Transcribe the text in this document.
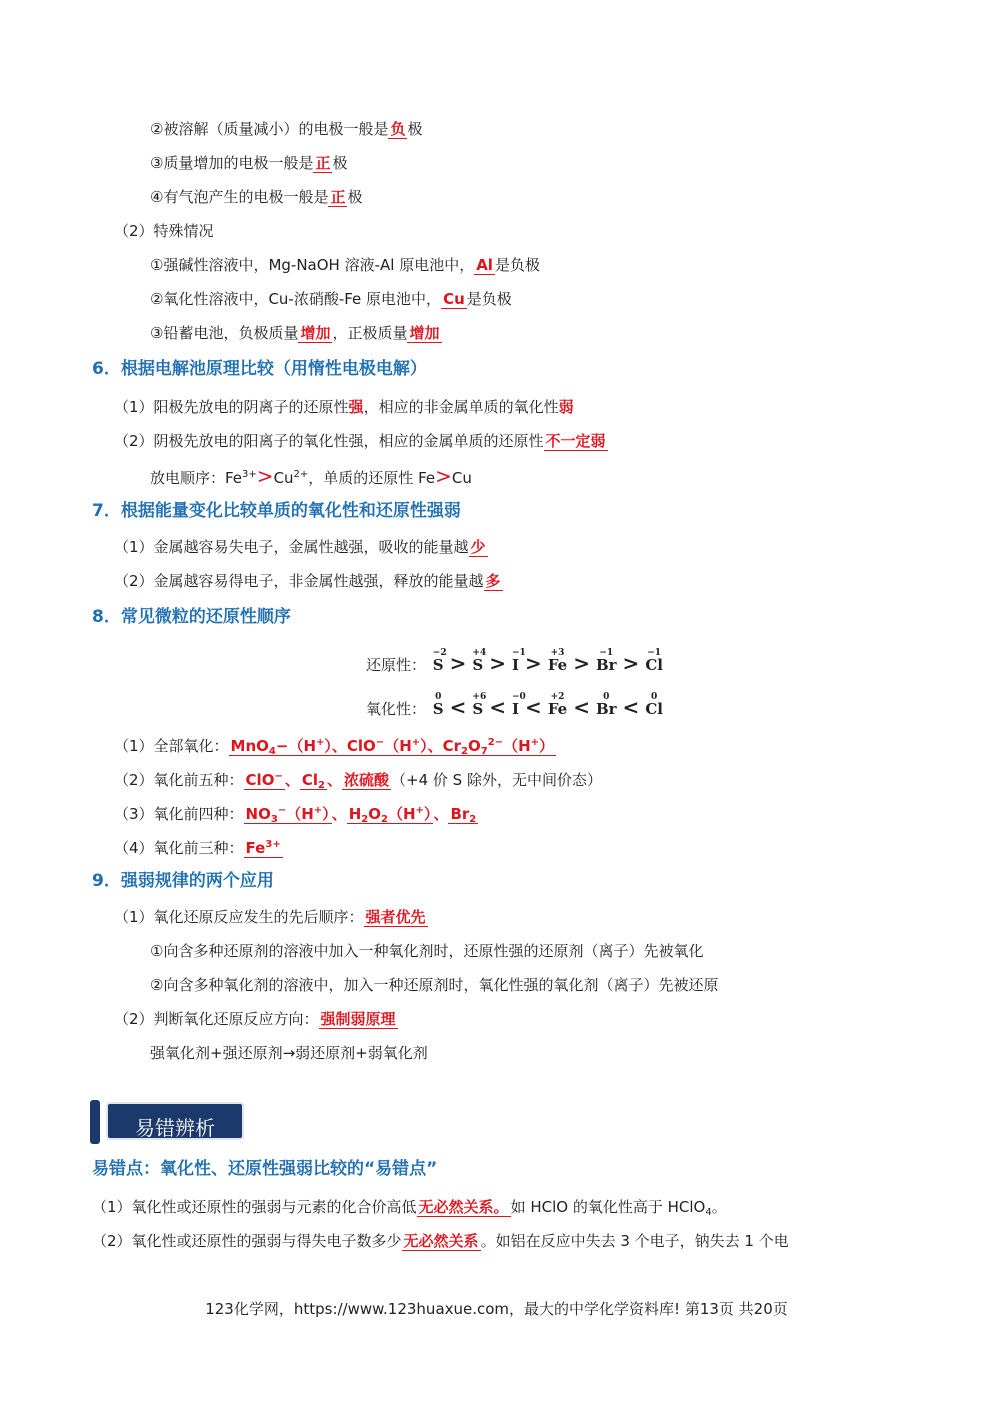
②被溶解（质量减小）的电极一般是 负 极
③质量增加的电极一般是 正 极
④有气泡产生的电极一般是 正 极
（2）特殊情况
①强碱性溶液中，Mg-NaOH 溶液-Al 原电池中， Al 是负极
②氧化性溶液中，Cu-浓硝酸-Fe 原电池中， Cu 是负极
③铅蓄电池，负极质量 增加 ，正极质量 增加
6．根据电解池原理比较（用惰性电极电解）
（1）阳极先放电的阴离子的还原性强，相应的非金属单质的氧化性弱
（2）阴极先放电的阳离子的氧化性强，相应的金属单质的还原性 不一定弱
放电顺序：$Fe^{3+}>Cu^{2+}$，单质的还原性 Fe>Cu
7．根据能量变化比较单质的氧化性和还原性强弱
（1）金属越容易失电子，金属性越强，吸收的能量越 少
（2）金属越容易得电子，非金属性越强，释放的能量越 多
8．常见微粒的还原性顺序
还原性：
−2
S > +4
S > −1
I > +3
Fe >	−1
Br > −1
Cl
氧化性：
0
S < +6
S < −0
I < +2
Fe <	0
Br <	0
Cl
（1）全部氧化： MnO$_4$−（H+）、ClO−（H+）、$Cr_2O_7^{2-}(H^+)$
（2）氧化前五种： ClO− 、 $Cl_2$ 、 浓硫酸 （+4 价 S 除外，无中间价态）
（3）氧化前四种： $NO_3^-(H^+)$ 、 $H_2O_2(H^+)$ 、 $Br_2$
（4）氧化前三种： $Fe^{3+}$
9．强弱规律的两个应用
（1）氧化还原反应发生的先后顺序： 强者优先
①向含多种还原剂的溶液中加入一种氧化剂时，还原性强的还原剂（离子）先被氧化
②向含多种氧化剂的溶液中，加入一种还原剂时，氧化性强的氧化剂（离子）先被还原
（2）判断氧化还原反应方向： 强制弱原理
强氧化剂+强还原剂→弱还原剂+弱氧化剂
易错辨析
易错点：氧化性、还原性强弱比较的“易错点”
（1）氧化性或还原性的强弱与元素的化合价高低 无必然关系。 如 HClO 的氧化性高于 HClO$_4$。
（2）氧化性或还原性的强弱与得失电子数多少 无必然关系 。如铝在反应中失去 3 个电子，钠失去 1 个电
123化学网，https://www.123huaxue.com，最大的中学化学资料库! 第13页 共20页
